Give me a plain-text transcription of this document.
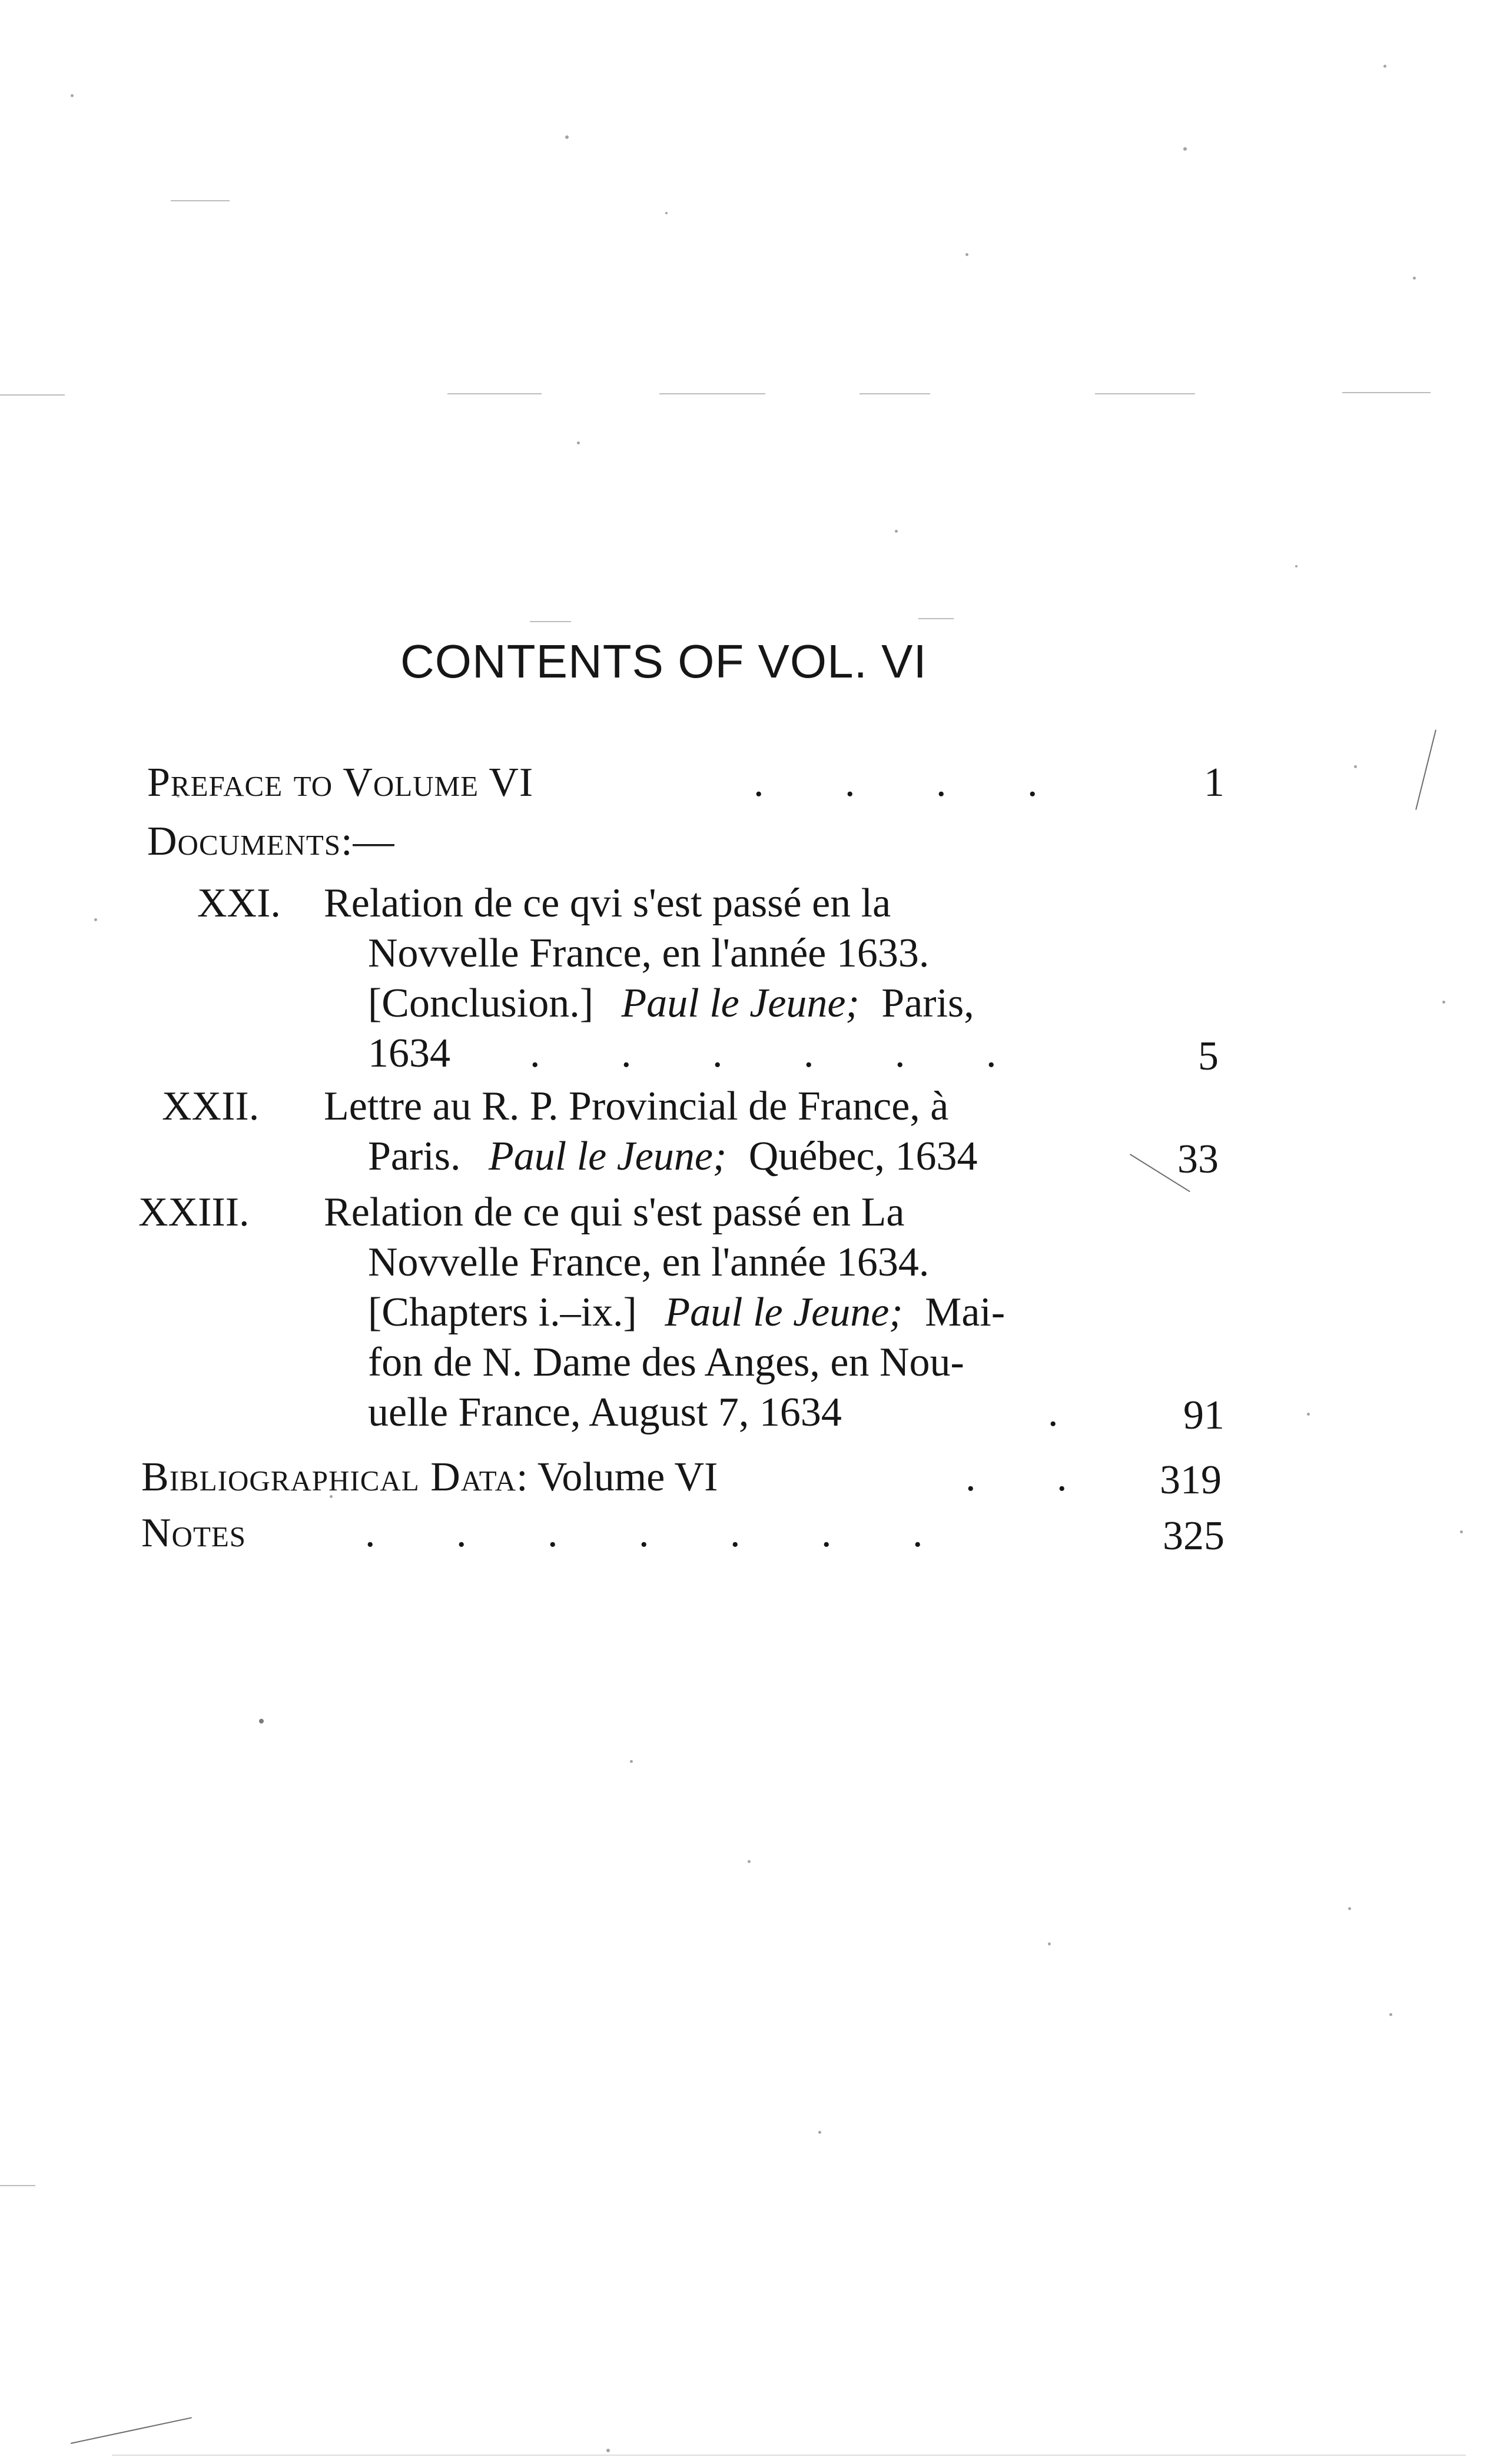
CONTENTS OF VOL. VI
Preface to Volume VI	. . . .	1
Documents:—
XXI. Relation de ce qvi s'est passé en la
Novvelle France, en l'année 1633.
[Conclusion.] Paul le Jeune; Paris,
1634 . . . . . .	5
XXII. Lettre au R. P. Provincial de France, à
Paris. Paul le Jeune; Québec, 1634	33
XXIII. Relation de ce qui s'est passé en La
Novvelle France, en l'année 1634.
[Chapters i.–ix.] Paul le Jeune; Mai-
fon de N. Dame des Anges, en Nou-
uelle France, August 7, 1634	.	91
Bibliographical Data: Volume VI	. .	319
Notes	. . . . . . .	325
